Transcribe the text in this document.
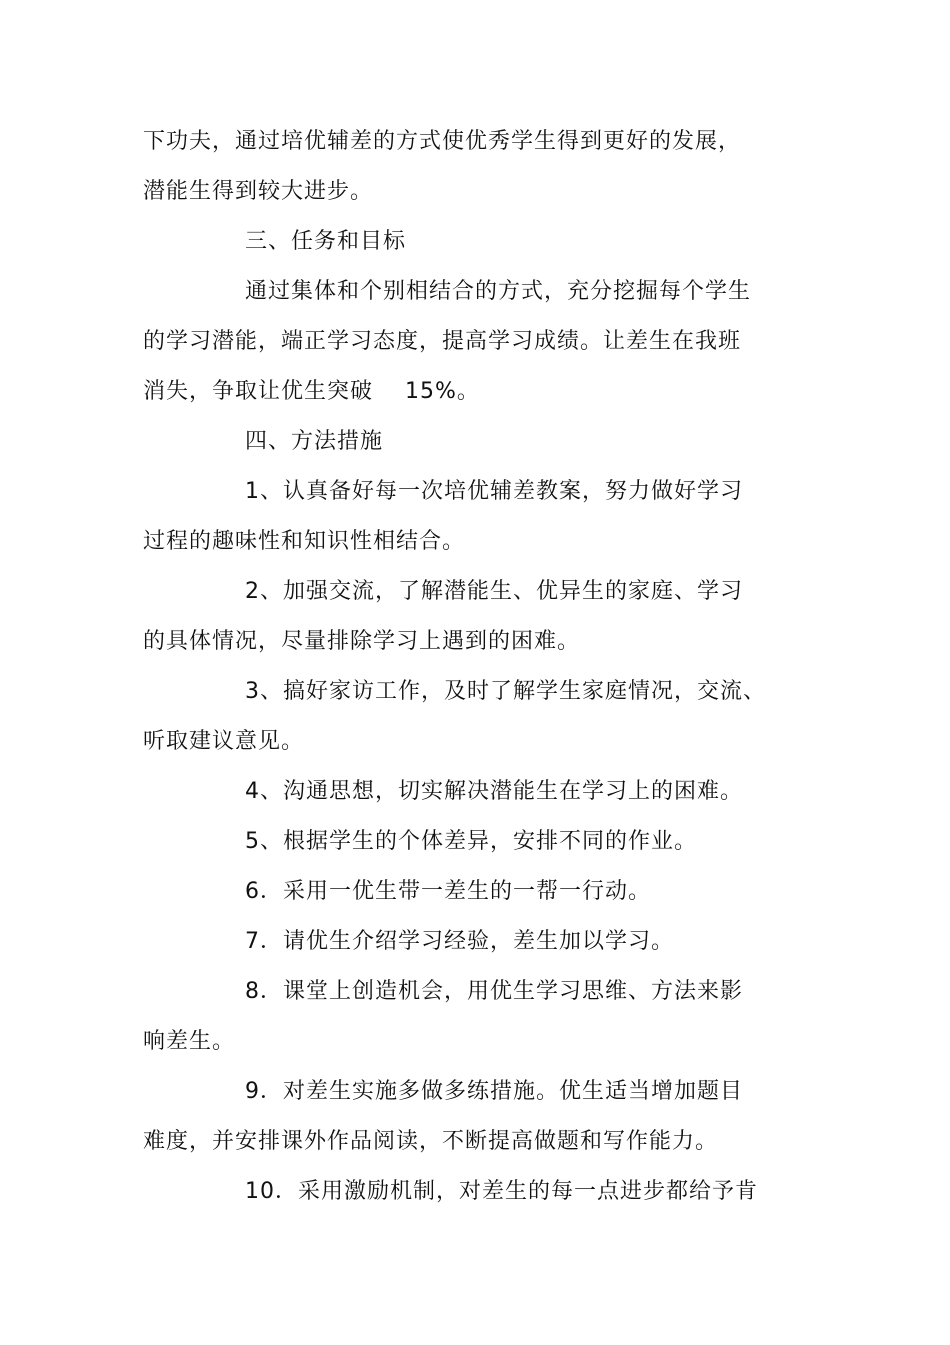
下功夫，通过培优辅差的方式使优秀学生得到更好的发展，
潜能生得到较大进步。
三、任务和目标
通过集体和个别相结合的方式，充分挖掘每个学生
的学习潜能，端正学习态度，提高学习成绩。让差生在我班
消失，争取让优生突破    15%。
四、方法措施
1、认真备好每一次培优辅差教案，努力做好学习
过程的趣味性和知识性相结合。
2、加强交流，了解潜能生、优异生的家庭、学习
的具体情况，尽量排除学习上遇到的困难。
3、搞好家访工作，及时了解学生家庭情况，交流、
听取建议意见。
4、沟通思想，切实解决潜能生在学习上的困难。
5、根据学生的个体差异，安排不同的作业。
6．采用一优生带一差生的一帮一行动。
7．请优生介绍学习经验，差生加以学习。
8．课堂上创造机会，用优生学习思维、方法来影
响差生。
9．对差生实施多做多练措施。优生适当增加题目
难度，并安排课外作品阅读，不断提高做题和写作能力。
10．采用激励机制，对差生的每一点进步都给予肯
